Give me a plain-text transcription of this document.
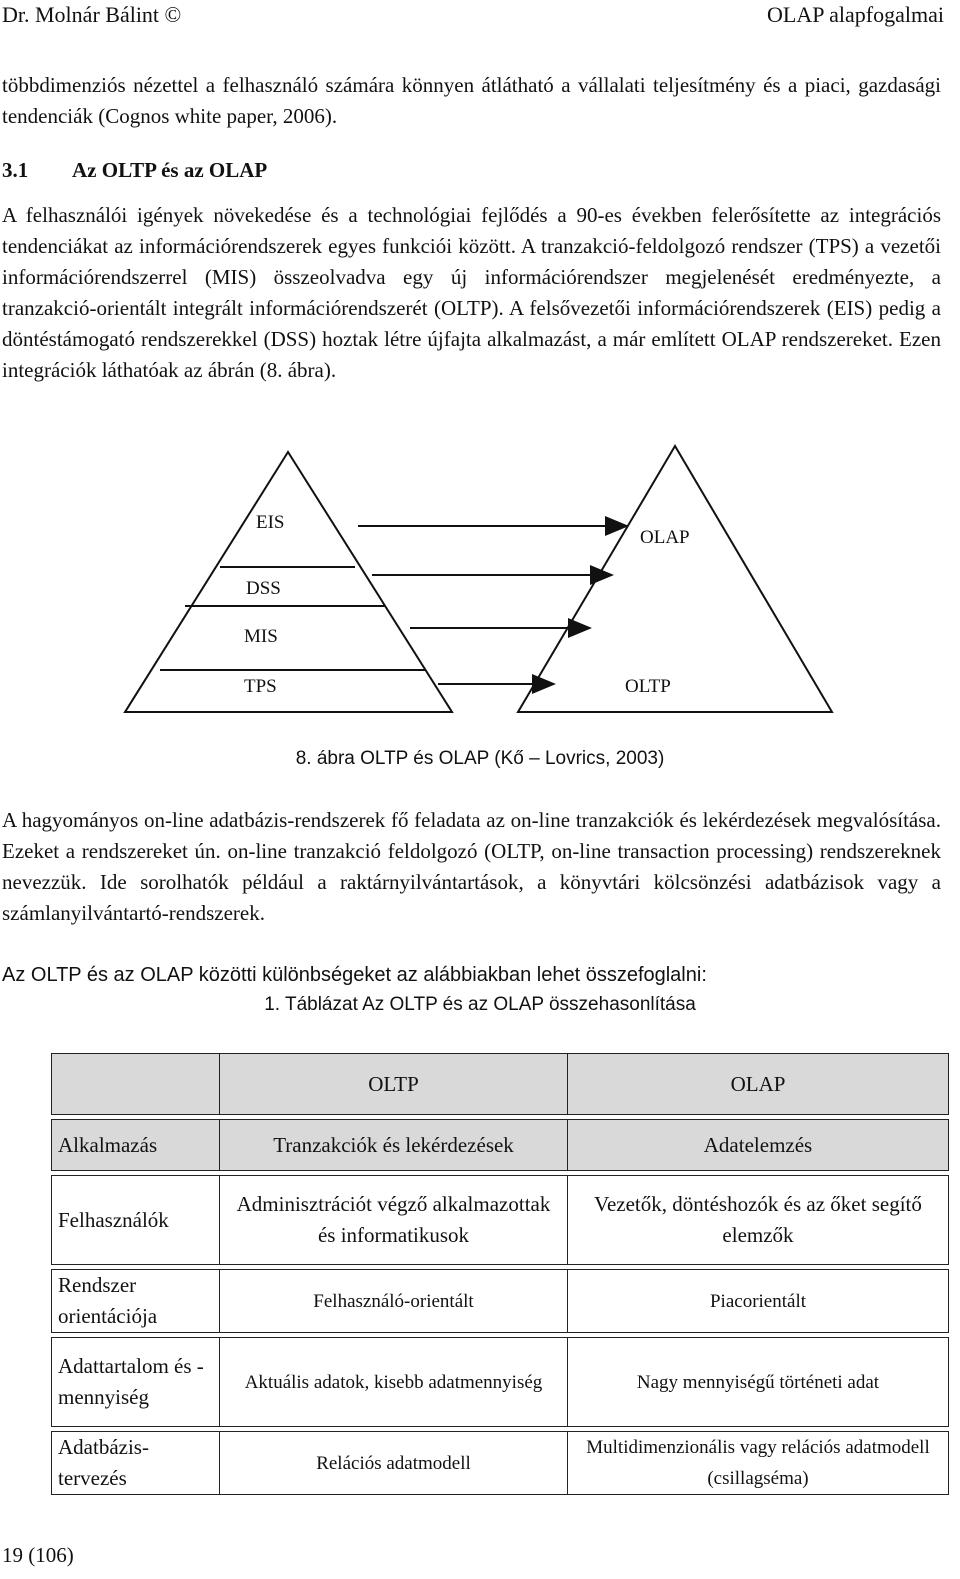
Dr. Molnár Bálint ©	OLAP alapfogalmai
többdimenziós nézettel a felhasználó számára könnyen átlátható a vállalati teljesítmény és a piaci, gazdasági tendenciák (Cognos white paper, 2006).
3.1 Az OLTP és az OLAP
A felhasználói igények növekedése és a technológiai fejlődés a 90-es években felerősítette az integrációs tendenciákat az információrendszerek egyes funkciói között. A tranzakció-feldolgozó rendszer (TPS) a vezetői információrendszerrel (MIS) összeolvadva egy új információrendszer megjelenését eredményezte, a tranzakció-orientált integrált információrendszerét (OLTP). A felsővezetői információrendszerek (EIS) pedig a döntéstámogató rendszerekkel (DSS) hoztak létre újfajta alkalmazást, a már említett OLAP rendszereket. Ezen integrációk láthatóak az ábrán (8. ábra).
EIS
DSS
MIS
TPS
OLAP
OLTP
8. ábra OLTP és OLAP (Kő – Lovrics, 2003)
A hagyományos on-line adatbázis-rendszerek fő feladata az on-line tranzakciók és lekérdezések megvalósítása. Ezeket a rendszereket ún. on-line tranzakció feldolgozó (OLTP, on-line transaction processing) rendszereknek nevezzük. Ide sorolhatók például a raktárnyilvántartások, a könyvtári kölcsönzési adatbázisok vagy a számlanyilvántartó-rendszerek.
Az OLTP és az OLAP közötti különbségeket az alábbiakban lehet összefoglalni:
1. Táblázat Az OLTP és az OLAP összehasonlítása
	OLTP	OLAP
Alkalmazás	Tranzakciók és lekérdezések	Adatelemzés
Felhasználók	Adminisztrációt végző alkalmazottak és informatikusok	Vezetők, döntéshozók és az őket segítő elemzők
Rendszer orientációja	Felhasználó-orientált	Piacorientált
Adattartalom és - mennyiség	Aktuális adatok, kisebb adatmennyiség	Nagy mennyiségű történeti adat
Adatbázis-tervezés	Relációs adatmodell	Multidimenzionális vagy relációs adatmodell (csillagséma)
19 (106)
